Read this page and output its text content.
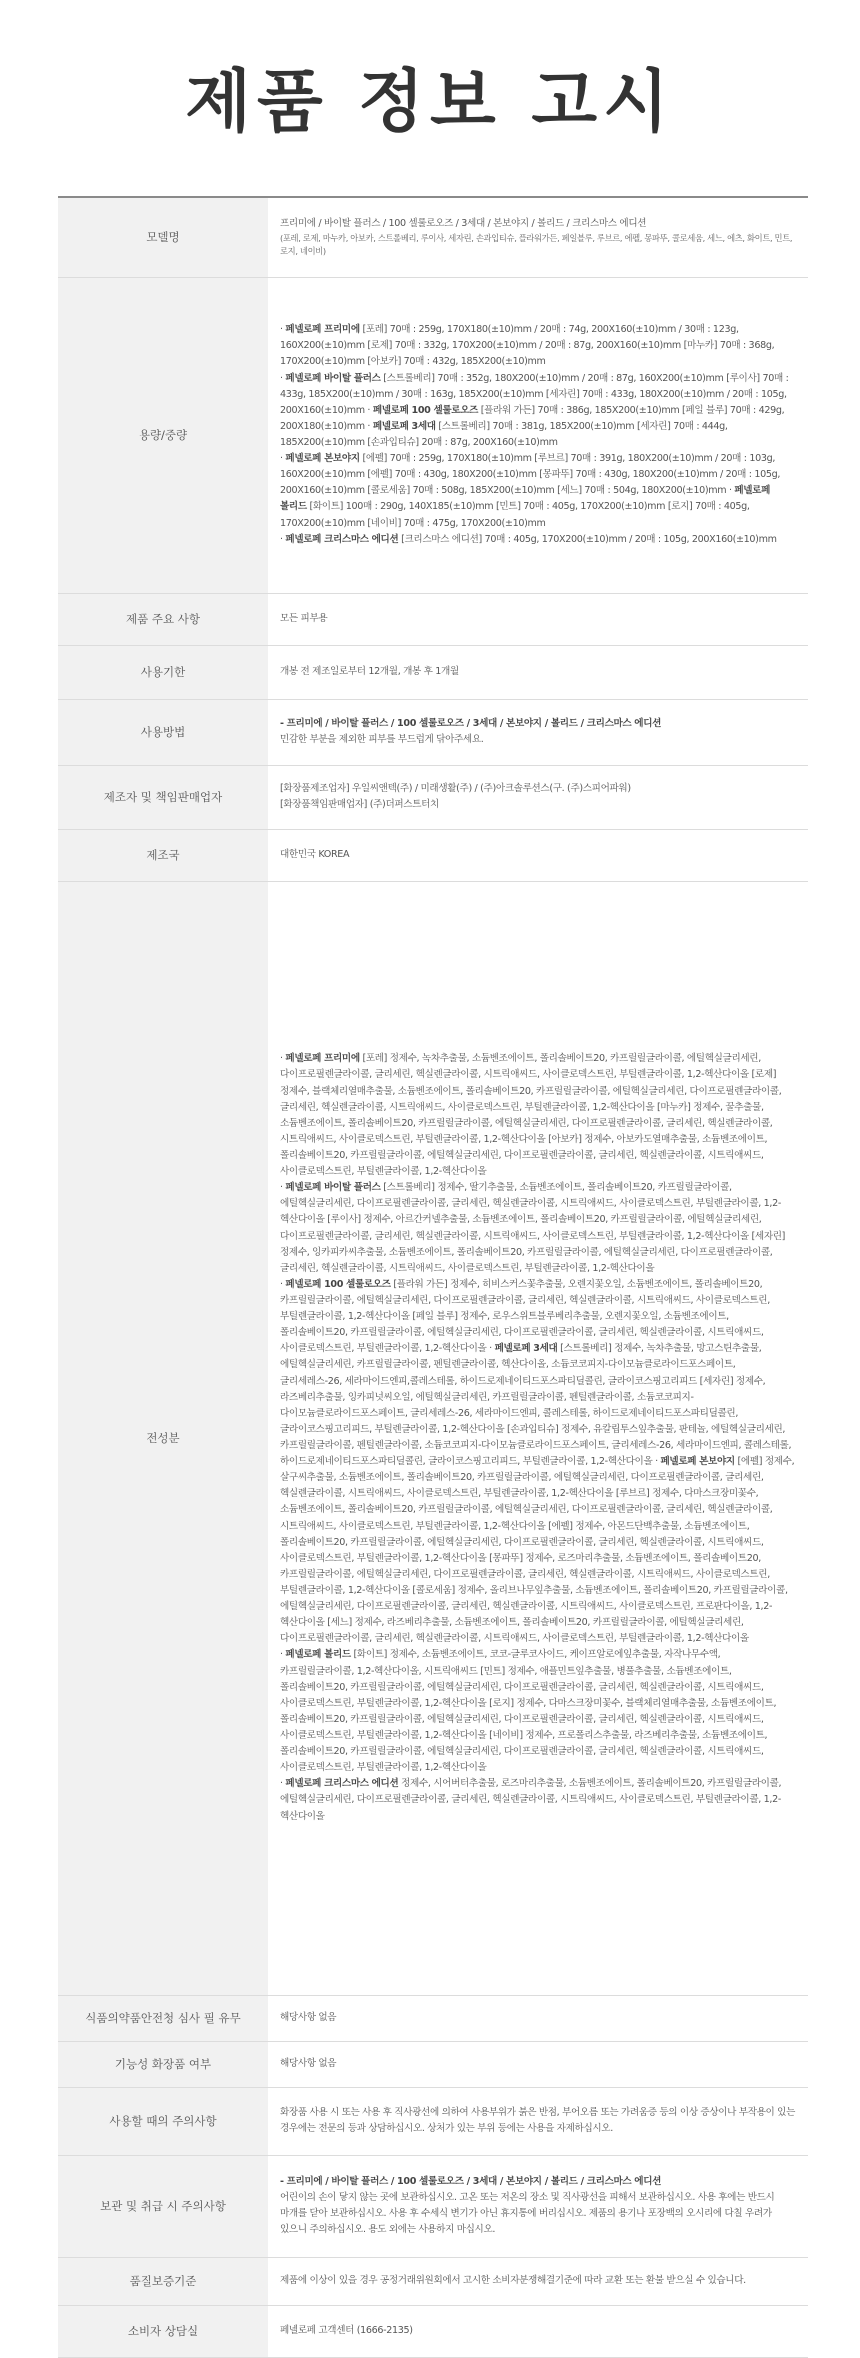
제품 정보 고시
모델명	프리미에 / 바이탈 플러스 / 100 셀룰로오즈 / 3세대 / 본보야지 / 볼리드 / 크리스마스 에디션
(포레, 로제, 마누카, 아보카, 스트롤베리, 루이사, 세자린, 손과입티슈, 플라워가든, 페일블루, 루브르, 에펠, 몽파뚜, 콜로세움, 세느, 에츠, 화이트, 민트, 로지, 네이비)

용량/중량	· 페넬로페 프리미에 [포레] 70매 : 259g, 170X180(±10)mm / 20매 : 74g, 200X160(±10)mm / 30매 : 123g, 160X200(±10)mm [로제] 70매 : 332g, 170X200(±10)mm / 20매 : 87g, 200X160(±10)mm [마누카] 70매 : 368g, 170X200(±10)mm [아보카] 70매 : 432g, 185X200(±10)mm
· 페넬로페 바이탈 플러스 [스트롤베리] 70매 : 352g, 180X200(±10)mm / 20매 : 87g, 160X200(±10)mm [루이사] 70매 : 433g, 185X200(±10)mm / 30매 : 163g, 185X200(±10)mm [세자린] 70매 : 433g, 180X200(±10)mm / 20매 : 105g, 200X160(±10)mm · 페넬로페 100 셀룰로오즈 [플라워 가든] 70매 : 386g, 185X200(±10)mm [페일 블루] 70매 : 429g, 200X180(±10)mm · 페넬로페 3세대 [스트롤베리] 70매 : 381g, 185X200(±10)mm [세자린] 70매 : 444g, 185X200(±10)mm [손과입티슈] 20매 : 87g, 200X160(±10)mm
· 페넬로페 본보야지 [에펠] 70매 : 259g, 170X180(±10)mm [루브르] 70매 : 391g, 180X200(±10)mm / 20매 : 103g, 160X200(±10)mm [에펠] 70매 : 430g, 180X200(±10)mm [몽파뚜] 70매 : 430g, 180X200(±10)mm / 20매 : 105g, 200X160(±10)mm [콜로세움] 70매 : 508g, 185X200(±10)mm [세느] 70매 : 504g, 180X200(±10)mm · 페넬로페 볼리드 [화이트] 100매 : 290g, 140X185(±10)mm [민트] 70매 : 405g, 170X200(±10)mm [로지] 70매 : 405g, 170X200(±10)mm [네이비] 70매 : 475g, 170X200(±10)mm
· 페넬로페 크리스마스 에디션 [크리스마스 에디션] 70매 : 405g, 170X200(±10)mm / 20매 : 105g, 200X160(±10)mm

제품 주요 사항	모든 피부용
사용기한	개봉 전 제조일로부터 12개월, 개봉 후 1개월
사용방법	- 프리미에 / 바이탈 플러스 / 100 셀룰로오즈 / 3세대 / 본보야지 / 볼리드 / 크리스마스 에디션
민감한 부분을 제외한 피부를 부드럽게 닦아주세요.

제조자 및 책임판매업자	[화장품제조업자] 우일씨앤텍(주) / 미래생활(주) / (주)아크솔루션스(구. (주)스피어파워)
[화장품책임판매업자] (주)더퍼스트터치

제조국	대한민국 KOREA
전성분	· 페넬로페 프리미에 [포레] 정제수, 녹차추출물, 소듐벤조에이트, 폴리솔베이트20, 카프릴릴글라이콜, 에틸헥실글리세린, 다이프로필렌글라이콜, 글리세린, 헥실렌글라이콜, 시트릭애씨드, 사이클로덱스트린, 부틸렌글라이콜, 1,2-헥산다이올 [로제] 정제수, 블랙체리열매추출물, 소듐벤조에이트, 폴리솔베이트20, 카프릴릴글라이콜, 에틸헥실글리세린, 다이프로필렌글라이콜, 글리세린, 헥실렌글라이콜, 시트릭애씨드, 사이클로덱스트린, 부틸렌글라이콜, 1,2-헥산다이올 [마누카] 정제수, 꿀추출물, 소듐벤조에이트, 폴리솔베이트20, 카프릴릴글라이콜, 에틸헥실글리세린, 다이프로필렌글라이콜, 글리세린, 헥실렌글라이콜, 시트릭애씨드, 사이클로덱스트린, 부틸렌글라이콜, 1,2-헥산다이올 [아보카] 정제수, 아보카도열매추출물, 소듐벤조에이트, 폴리솔베이트20, 카프릴릴글라이콜, 에틸헥실글리세린, 다이프로필렌글라이콜, 글리세린, 헥실렌글라이콜, 시트릭애씨드, 사이클로덱스트린, 부틸렌글라이콜, 1,2-헥산다이올
· 페넬로페 바이탈 플러스 [스트롤베리] 정제수, 딸기추출물, 소듐벤조에이트, 폴리솔베이트20, 카프릴릴글라이콜, 에틸헥실글리세린, 다이프로필렌글라이콜, 글리세린, 헥실렌글라이콜, 시트릭애씨드, 사이클로덱스트린, 부틸렌글라이콜, 1,2-헥산다이올 [루이사] 정제수, 아르간커넬추출물, 소듐벤조에이트, 폴리솔베이트20, 카프릴릴글라이콜, 에틸헥실글리세린, 다이프로필렌글라이콜, 글리세린, 헥실렌글라이콜, 시트릭애씨드, 사이클로덱스트린, 부틸렌글라이콜, 1,2-헥산다이올 [세자린] 정제수, 잉카피카씨추출물, 소듐벤조에이트, 폴리솔베이트20, 카프릴릴글라이콜, 에틸헥실글리세린, 다이프로필렌글라이콜, 글리세린, 헥실렌글라이콜, 시트릭애씨드, 사이클로덱스트린, 부틸렌글라이콜, 1,2-헥산다이올
· 페넬로페 100 셀룰로오즈 [플라워 가든] 정제수, 히비스커스꽃추출물, 오렌지꽃오일, 소듐벤조에이트, 폴리솔베이트20, 카프릴릴글라이콜, 에틸헥실글리세린, 다이프로필렌글라이콜, 글리세린, 헥실렌글라이콜, 시트릭애씨드, 사이클로덱스트린, 부틸렌글라이콜, 1,2-헥산다이올 [페일 블루] 정제수, 로우스위트블루베리추출물, 오렌지꽃오일, 소듐벤조에이트, 폴리솔베이트20, 카프릴릴글라이콜, 에틸헥실글리세린, 다이프로필렌글라이콜, 글리세린, 헥실렌글라이콜, 시트릭애씨드, 사이클로덱스트린, 부틸렌글라이콜, 1,2-헥산다이올 · 페넬로페 3세대 [스트롤베리] 정제수, 녹차추출물, 망고스틴추출물, 에틸헥실글리세린, 카프릴릴글라이콜, 펜틸렌글라이콜, 헥산다이올, 소듐코코피지-다이모늄클로라이드포스페이트, 글리세레스-26, 세라마이드엔피,콜레스테롤, 하이드로제네이티드포스파티딜콜린, 글라이코스핑고리피드 [세자린] 정제수, 라즈베리추출물, 잉카피넛씨오일, 에틸헥실글리세린, 카프릴릴글라이콜, 펜틸렌글라이콜, 소듐코코피지-다이모늄클로라이드포스페이트, 글리세레스-26, 세라마이드엔피, 콜레스테롤, 하이드로제네이티드포스파티딜콜린, 글라이코스핑고리피드, 부틸렌글라이콜, 1,2-헥산다이올 [손과입티슈] 정제수, 유칼립투스잎추출물, 판테놀, 에틸헥실글리세린, 카프릴릴글라이콜, 펜틸렌글라이콜, 소듐코코피지-다이모늄클로라이드포스페이트, 글리세레스-26, 세라마이드엔피, 콜레스테롤, 하이드로제네이티드포스파티딜콜린, 글라이코스핑고리피드, 부틸렌글라이콜, 1,2-헥산다이올 · 페넬로페 본보야지 [에펠] 정제수, 살구씨추출물, 소듐벤조에이트, 폴리솔베이트20, 카프릴릴글라이콜, 에틸헥실글리세린, 다이프로필렌글라이콜, 글리세린, 헥실렌글라이콜, 시트릭애씨드, 사이클로덱스트린, 부틸렌글라이콜, 1,2-헥산다이올 [루브르] 정제수, 다마스크장미꽃수, 소듐벤조에이트, 폴리솔베이트20, 카프릴릴글라이콜, 에틸헥실글리세린, 다이프로필렌글라이콜, 글리세린, 헥실렌글라이콜, 시트릭애씨드, 사이클로덱스트린, 부틸렌글라이콜, 1,2-헥산다이올 [에펠] 정제수, 아몬드단백추출물, 소듐벤조에이트, 폴리솔베이트20, 카프릴릴글라이콜, 에틸헥실글리세린, 다이프로필렌글라이콜, 글리세린, 헥실렌글라이콜, 시트릭애씨드, 사이클로덱스트린, 부틸렌글라이콜, 1,2-헥산다이올 [몽파뚜] 정제수, 로즈마리추출물, 소듐벤조에이트, 폴리솔베이트20, 카프릴릴글라이콜, 에틸헥실글리세린, 다이프로필렌글라이콜, 글리세린, 헥실렌글라이콜, 시트릭애씨드, 사이클로덱스트린, 부틸렌글라이콜, 1,2-헥산다이올 [콜로세움] 정제수, 올리브나무잎추출물, 소듐벤조에이트, 폴리솔베이트20, 카프릴릴글라이콜, 에틸헥실글리세린, 다이프로필렌글라이콜, 글리세린, 헥실렌글라이콜, 시트릭애씨드, 사이클로덱스트린, 프로판다이올, 1,2-헥산다이올 [세느] 정제수, 라즈베리추출물, 소듐벤조에이트, 폴리솔베이트20, 카프릴릴글라이콜, 에틸헥실글리세린, 다이프로필렌글라이콜, 글리세린, 헥실렌글라이콜, 시트릭애씨드, 사이클로덱스트린, 부틸렌글라이콜, 1,2-헥산다이올
· 페넬로페 볼리드 [화이트] 정제수, 소듐벤조에이트, 코코-글루코사이드, 케이프알로에잎추출물, 자작나무수액, 카프릴릴글라이콜, 1,2-헥산다이올, 시트릭애씨드 [민트] 정제수, 애플민트잎추출물, 병풀추출물, 소듐벤조에이트, 폴리솔베이트20, 카프릴릴글라이콜, 에틸헥실글리세린, 다이프로필렌글라이콜, 글리세린, 헥실렌글라이콜, 시트릭애씨드, 사이클로덱스트린, 부틸렌글라이콜, 1,2-헥산다이올 [로지] 정제수, 다마스크장미꽃수, 블랙체리열매추출물, 소듐벤조에이트, 폴리솔베이트20, 카프릴릴글라이콜, 에틸헥실글리세린, 다이프로필렌글라이콜, 글리세린, 헥실렌글라이콜, 시트릭애씨드, 사이클로덱스트린, 부틸렌글라이콜, 1,2-헥산다이올 [네이비] 정제수, 프로폴리스추출물, 라즈베리추출물, 소듐벤조에이트, 폴리솔베이트20, 카프릴릴글라이콜, 에틸헥실글리세린, 다이프로필렌글라이콜, 글리세린, 헥실렌글라이콜, 시트릭애씨드, 사이클로덱스트린, 부틸렌글라이콜, 1,2-헥산다이올
· 페넬로페 크리스마스 에디션 정제수, 시어버터추출물, 로즈마리추출물, 소듐벤조에이트, 폴리솔베이트20, 카프릴릴글라이콜, 에틸헥실글리세린, 다이프로필렌글라이콜, 글리세린, 헥실렌글라이콜, 시트릭애씨드, 사이클로덱스트린, 부틸렌글라이콜, 1,2-헥산다이올

식품의약품안전청 심사 필 유무	해당사항 없음
기능성 화장품 여부	해당사항 없음
사용할 때의 주의사항	화장품 사용 시 또는 사용 후 직사광선에 의하여 사용부위가 붉은 반점, 부어오름 또는 가려움증 등의 이상 증상이나 부작용이 있는 경우에는 전문의 등과 상담하십시오. 상처가 있는 부위 등에는 사용을 자제하십시오.
보관 및 취급 시 주의사항	- 프리미에 / 바이탈 플러스 / 100 셀룰로오즈 / 3세대 / 본보야지 / 볼리드 / 크리스마스 에디션
어린이의 손이 닿지 않는 곳에 보관하십시오. 고온 또는 저온의 장소 및 직사광선을 피해서 보관하십시오. 사용 후에는 반드시 마개를 닫아 보관하십시오. 사용 후 수세식 변기가 아닌 휴지통에 버리십시오. 제품의 용기나 포장백의 오시리에 다칠 우려가 있으니 주의하십시오. 용도 외에는 사용하지 마십시오.

품질보증기준	제품에 이상이 있을 경우 공정거래위원회에서 고시한 소비자분쟁해결기준에 따라 교환 또는 환불 받으실 수 있습니다.
소비자 상담실	페넬로페 고객센터 (1666-2135)
